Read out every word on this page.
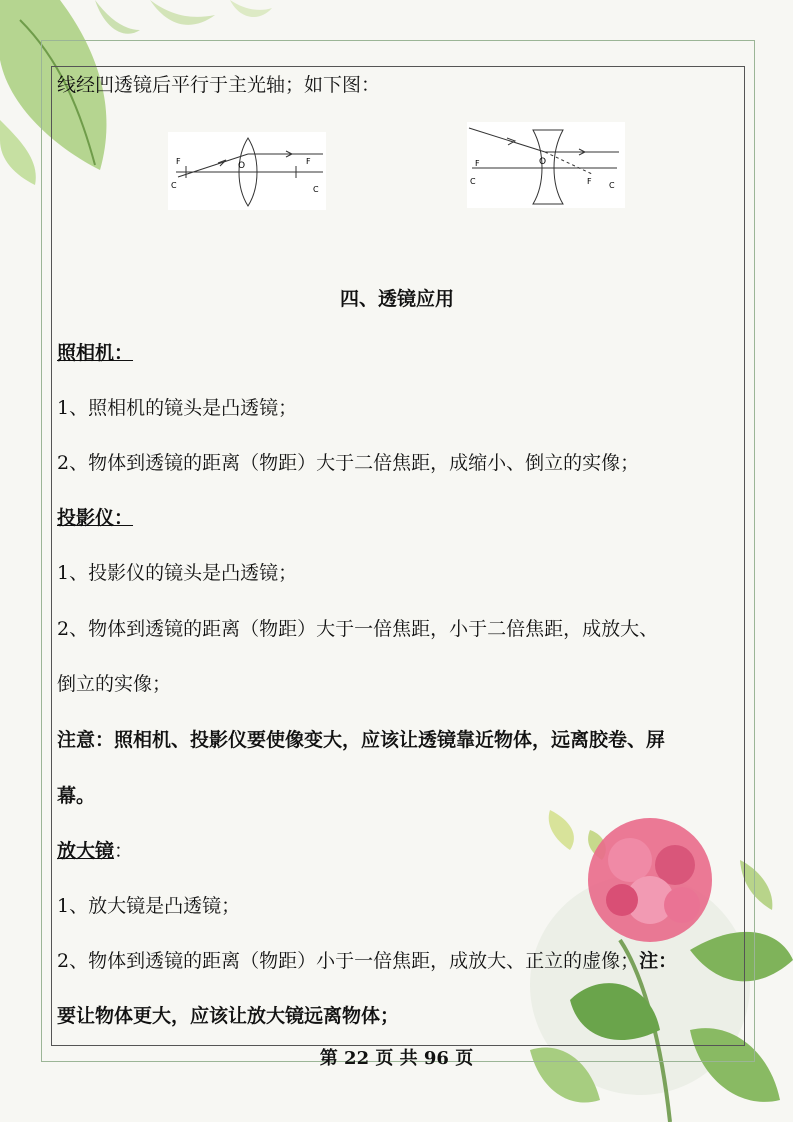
线经凹透镜后平行于主光轴；如下图：
F	O	F
C	C
F	O
F
C	C
四、透镜应用
照相机：
1、照相机的镜头是凸透镜；
2、物体到透镜的距离（物距）大于二倍焦距，成缩小、倒立的实像；
投影仪：
1、投影仪的镜头是凸透镜；
2、物体到透镜的距离（物距）大于一倍焦距，小于二倍焦距，成放大、
倒立的实像；
注意：照相机、投影仪要使像变大，应该让透镜靠近物体，远离胶卷、屏
幕。
放大镜：
1、放大镜是凸透镜；
2、物体到透镜的距离（物距）小于一倍焦距，成放大、正立的虚像；注：
要让物体更大，应该让放大镜远离物体；
第 22 页 共 96 页
